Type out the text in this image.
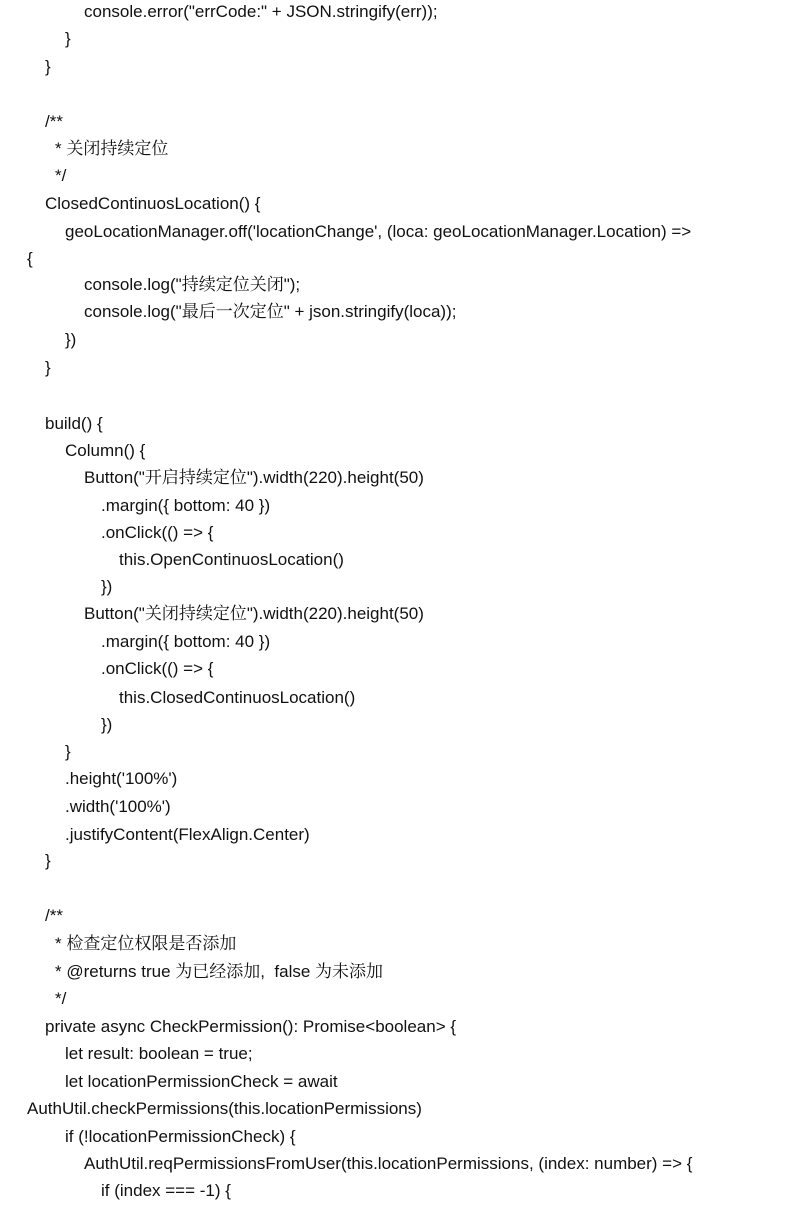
console.error("errCode:" + JSON.stringify(err));
}
}
/**
* 关闭持续定位
*/
ClosedContinuosLocation() {
geoLocationManager.off('locationChange', (loca: geoLocationManager.Location) =>
{
console.log("持续定位关闭");
console.log("最后一次定位" + json.stringify(loca));
})
}
build() {
Column() {
Button("开启持续定位").width(220).height(50)
.margin({ bottom: 40 })
.onClick(() => {
this.OpenContinuosLocation()
})
Button("关闭持续定位").width(220).height(50)
.margin({ bottom: 40 })
.onClick(() => {
this.ClosedContinuosLocation()
})
}
.height('100%')
.width('100%')
.justifyContent(FlexAlign.Center)
}
/**
* 检查定位权限是否添加
* @returns true 为已经添加,  false 为未添加
*/
private async CheckPermission(): Promise<boolean> {
let result: boolean = true;
let locationPermissionCheck = await
AuthUtil.checkPermissions(this.locationPermissions)
if (!locationPermissionCheck) {
AuthUtil.reqPermissionsFromUser(this.locationPermissions, (index: number) => {
if (index === -1) {
